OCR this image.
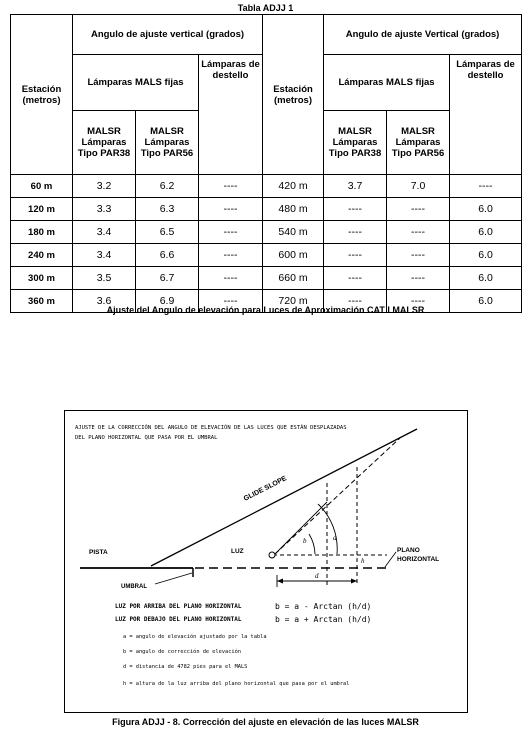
Tabla ADJJ 1
Estación (metros)	Angulo de ajuste vertical (grados)			Estación (metros)	Angulo de ajuste Vertical (grados)		
	Lámparas MALS fijas		Lámparas de destello		Lámparas MALS fijas		Lámparas de destello
	MALSR Lámparas Tipo PAR38	MALSR Lámparas Tipo PAR56			MALSR Lámparas Tipo PAR38	MALSR Lámparas Tipo PAR56	
60 m	3.2	6.2	----	420 m	3.7	7.0	----
120 m	3.3	6.3	----	480 m	----	----	6.0
180 m	3.4	6.5	----	540 m	----	----	6.0
240 m	3.4	6.6	----	600 m	----	----	6.0
300 m	3.5	6.7	----	660 m	----	----	6.0
360 m	3.6	6.9	----	720 m	----	----	6.0
Ajuste del Angulo de elevación para Luces de Aproximación CAT I MALSR
AJUSTE DE LA CORRECCIÓN DEL ANGULO DE ELEVACIÓN DE LAS LUCES QUE ESTÁN DESPLAZADAS
DEL PLANO HORIZONTAL QUE PASA POR EL UMBRAL
GLIDE SLOPE
PISTA	LUZ
UMBRAL
PLANO
HORIZONTAL
a
b
h
d
LUZ POR ARRIBA DEL PLANO HORIZONTAL	b = a - Arctan (h/d)
LUZ POR DEBAJO DEL PLANO HORIZONTAL	b = a + Arctan (h/d)
a = angulo de elevación ajustado por la tabla
b = angulo de corrección de elevación
d = distancia de 4782 pies para el MALS
h = altura de la luz arriba del plano horizontal que pasa por el umbral
Figura ADJJ - 8. Corrección del ajuste en elevación de las luces MALSR
